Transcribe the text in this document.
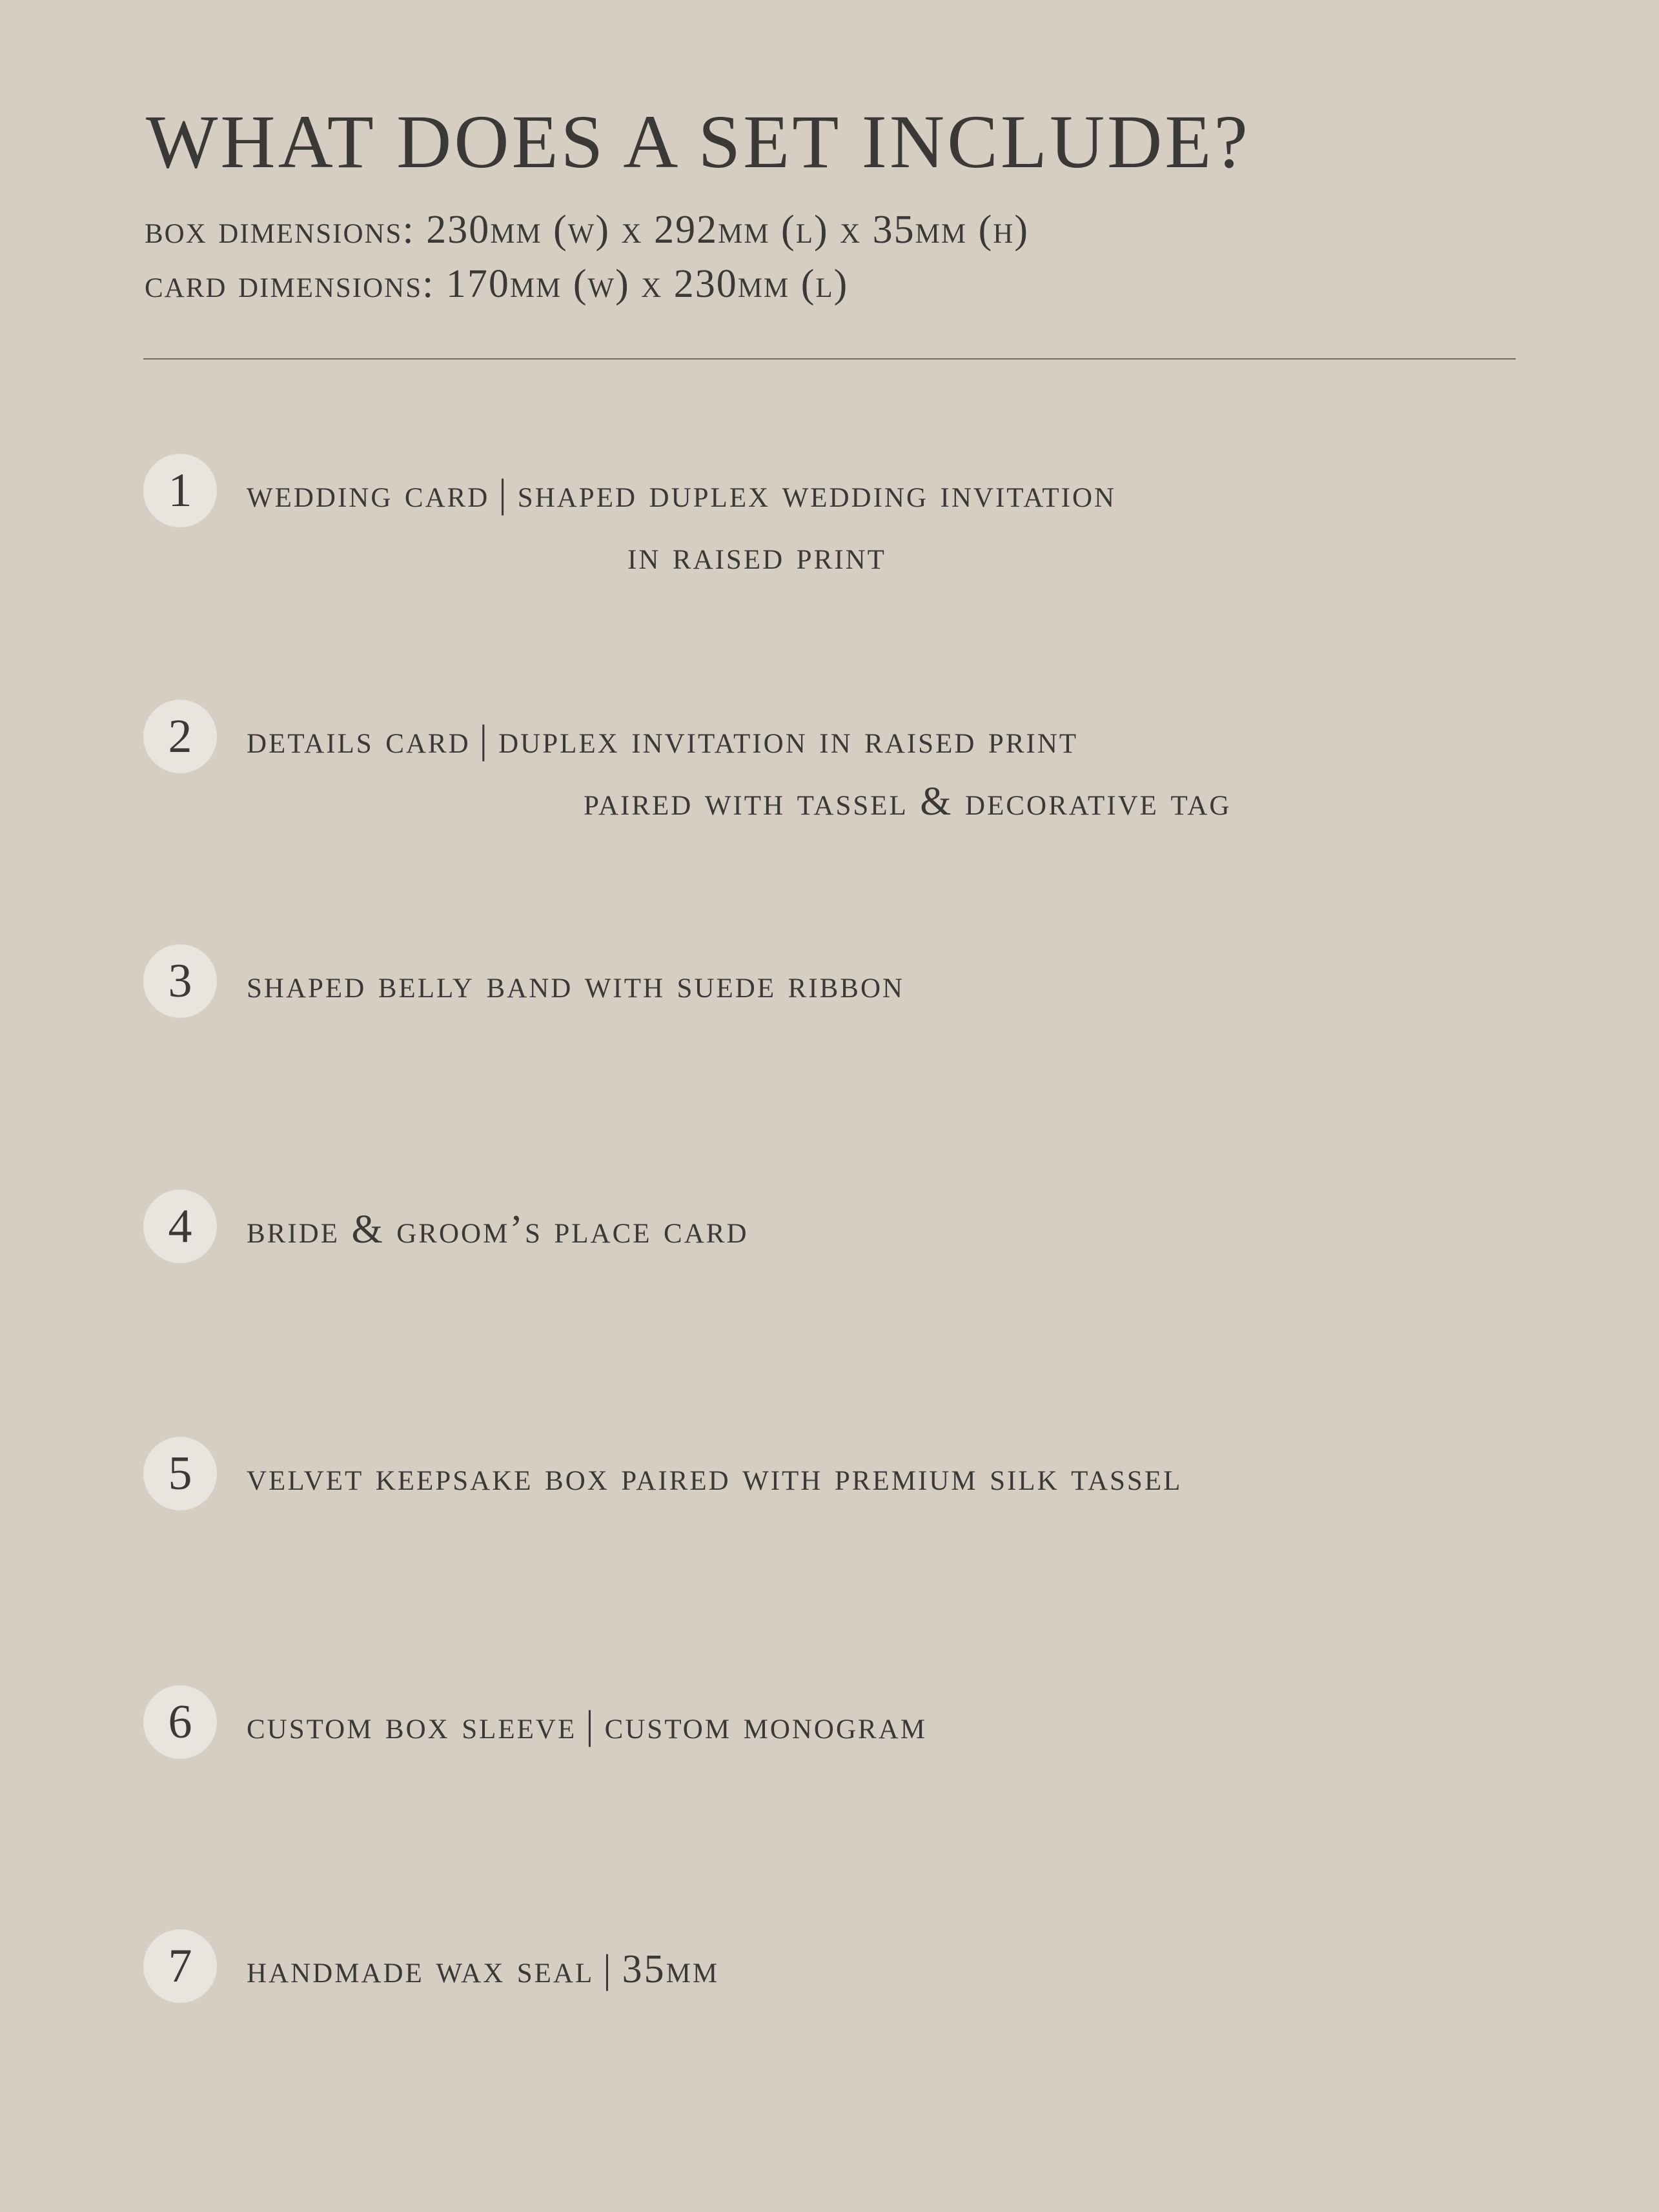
WHAT DOES A SET INCLUDE?
box dimensions: 230mm (w) x 292mm (l) x 35mm (h)
card dimensions: 170mm (w) x 230mm (l)
1	wedding card | shaped duplex wedding invitation
in raised print
2	details card | duplex invitation in raised print
paired with tassel & decorative tag
3	shaped belly band with suede ribbon
4	bride & groom’s place card
5	velvet keepsake box paired with premium silk tassel
6	custom box sleeve | custom monogram
7	handmade wax seal | 35mm
